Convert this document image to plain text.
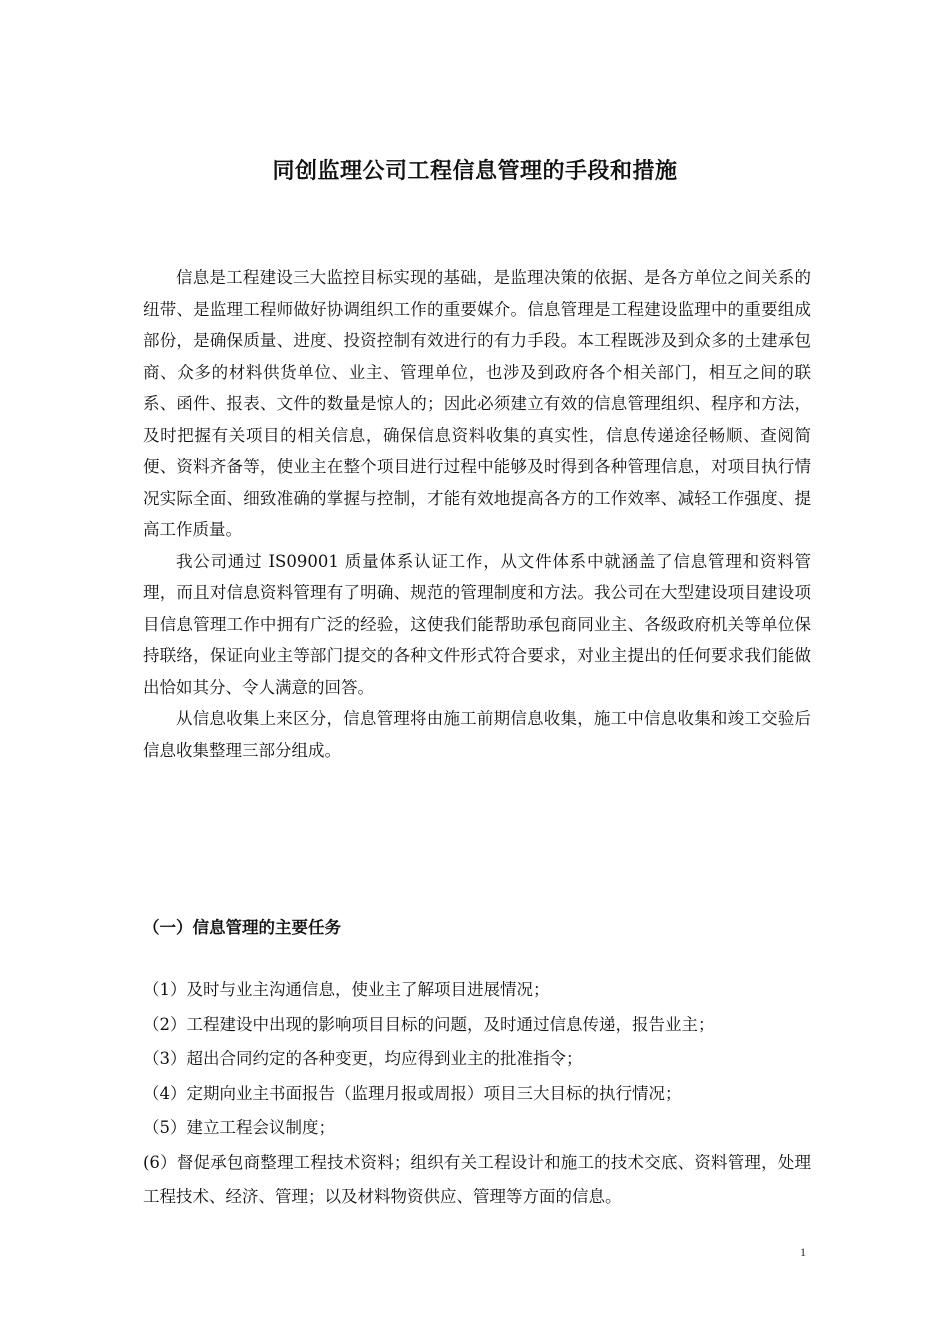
同创监理公司工程信息管理的手段和措施

信息是工程建设三大监控目标实现的基础，是监理决策的依据、是各方单位之间关系的纽带、是监理工程师做好协调组织工作的重要媒介。信息管理是工程建设监理中的重要组成部份，是确保质量、进度、投资控制有效进行的有力手段。本工程既涉及到众多的土建承包商、众多的材料供货单位、业主、管理单位，也涉及到政府各个相关部门，相互之间的联系、函件、报表、文件的数量是惊人的；因此必须建立有效的信息管理组织、程序和方法，及时把握有关项目的相关信息，确保信息资料收集的真实性，信息传递途径畅顺、查阅简便、资料齐备等，使业主在整个项目进行过程中能够及时得到各种管理信息，对项目执行情况实际全面、细致准确的掌握与控制，才能有效地提高各方的工作效率、减轻工作强度、提高工作质量。

我公司通过 IS09001 质量体系认证工作，从文件体系中就涵盖了信息管理和资料管理，而且对信息资料管理有了明确、规范的管理制度和方法。我公司在大型建设项目建设项目信息管理工作中拥有广泛的经验，这使我们能帮助承包商同业主、各级政府机关等单位保持联络，保证向业主等部门提交的各种文件形式符合要求，对业主提出的任何要求我们能做出恰如其分、令人满意的回答。

从信息收集上来区分，信息管理将由施工前期信息收集，施工中信息收集和竣工交验后信息收集整理三部分组成。

（一）信息管理的主要任务
（1）及时与业主沟通信息，使业主了解项目进展情况；
（2）工程建设中出现的影响项目目标的问题，及时通过信息传递，报告业主；
（3）超出合同约定的各种变更，均应得到业主的批准指令；
（4）定期向业主书面报告（监理月报或周报）项目三大目标的执行情况；
（5）建立工程会议制度；
(6）督促承包商整理工程技术资料；组织有关工程设计和施工的技术交底、资料管理，处理工程技术、经济、管理；以及材料物资供应、管理等方面的信息。
1
